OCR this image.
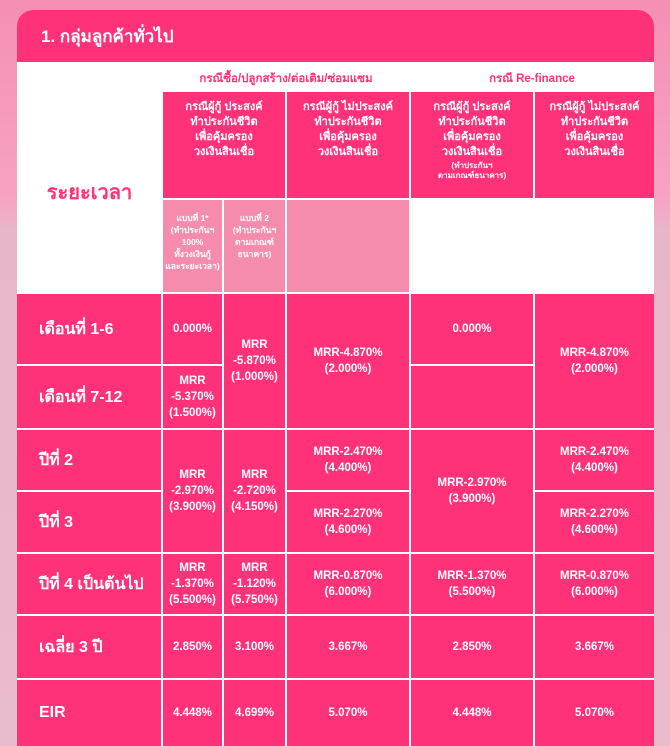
1. กลุ่มลูกค้าทั่วไป
กรณีซื้อ/ปลูกสร้าง/ต่อเติม/ซ่อมแซม	กรณี Re-finance
ระยะเวลา
กรณีผู้กู้ ประสงค์
ทำประกันชีวิต
เพื่อคุ้มครอง
วงเงินสินเชื่อ
กรณีผู้กู้ ไม่ประสงค์
ทำประกันชีวิต
เพื่อคุ้มครอง
วงเงินสินเชื่อ
กรณีผู้กู้ ประสงค์
ทำประกันชีวิต
เพื่อคุ้มครอง
วงเงินสินเชื่อ
(ทำประกันฯ
ตามเกณฑ์ธนาคาร)
กรณีผู้กู้ ไม่ประสงค์
ทำประกันชีวิต
เพื่อคุ้มครอง
วงเงินสินเชื่อ
แบบที่ 1*
(ทำประกันฯ
100%
ทั้งวงเงินกู้
และระยะเวลา)
แบบที่ 2
(ทำประกันฯ
ตามเกณฑ์
ธนาคาร)
เดือนที่ 1-6
เดือนที่ 7-12
ปีที่ 2
ปีที่ 3
ปีที่ 4 เป็นต้นไป
เฉลี่ย 3 ปี
EIR
0.000%
MRR
-5.370%
(1.500%)
MRR
-2.970%
(3.900%)
MRR
-1.370%
(5.500%)
2.850%
4.448%
MRR
-5.870%
(1.000%)
MRR
-2.720%
(4.150%)
MRR
-1.120%
(5.750%)
3.100%
4.699%
MRR-4.870%
(2.000%)
MRR-2.470%
(4.400%)
MRR-2.270%
(4.600%)
MRR-0.870%
(6.000%)
3.667%
5.070%
0.000%
MRR-2.970%
(3.900%)
MRR-1.370%
(5.500%)
2.850%
4.448%
MRR-4.870%
(2.000%)
MRR-2.470%
(4.400%)
MRR-2.270%
(4.600%)
MRR-0.870%
(6.000%)
3.667%
5.070%
